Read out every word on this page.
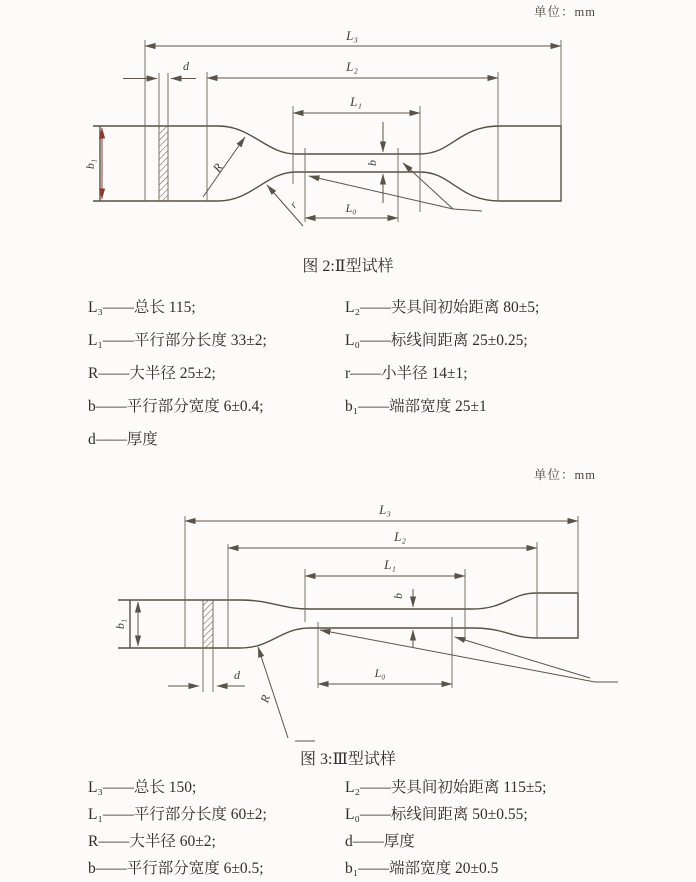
单位：mm
L₃
L₂
d
L₁
L₀
b
b₁	R
r
图 2:Ⅱ型试样
L₃——总长 115;	L₂——夹具间初始距离 80±5;
L₁——平行部分长度 33±2;	L₀——标线间距离 25±0.25;
R——大半径 25±2;	r——小半径 14±1;
b——平行部分宽度 6±0.4;	b₁——端部宽度 25±1
d——厚度
单位：mm
L₃
L₂
L₁
L₀
b
b₁
d
R
图 3:Ⅲ型试样
L₃——总长 150;	L₂——夹具间初始距离 115±5;
L₁——平行部分长度 60±2;	L₀——标线间距离 50±0.55;
R——大半径 60±2;	d——厚度
b——平行部分宽度 6±0.5;	b₁——端部宽度 20±0.5
